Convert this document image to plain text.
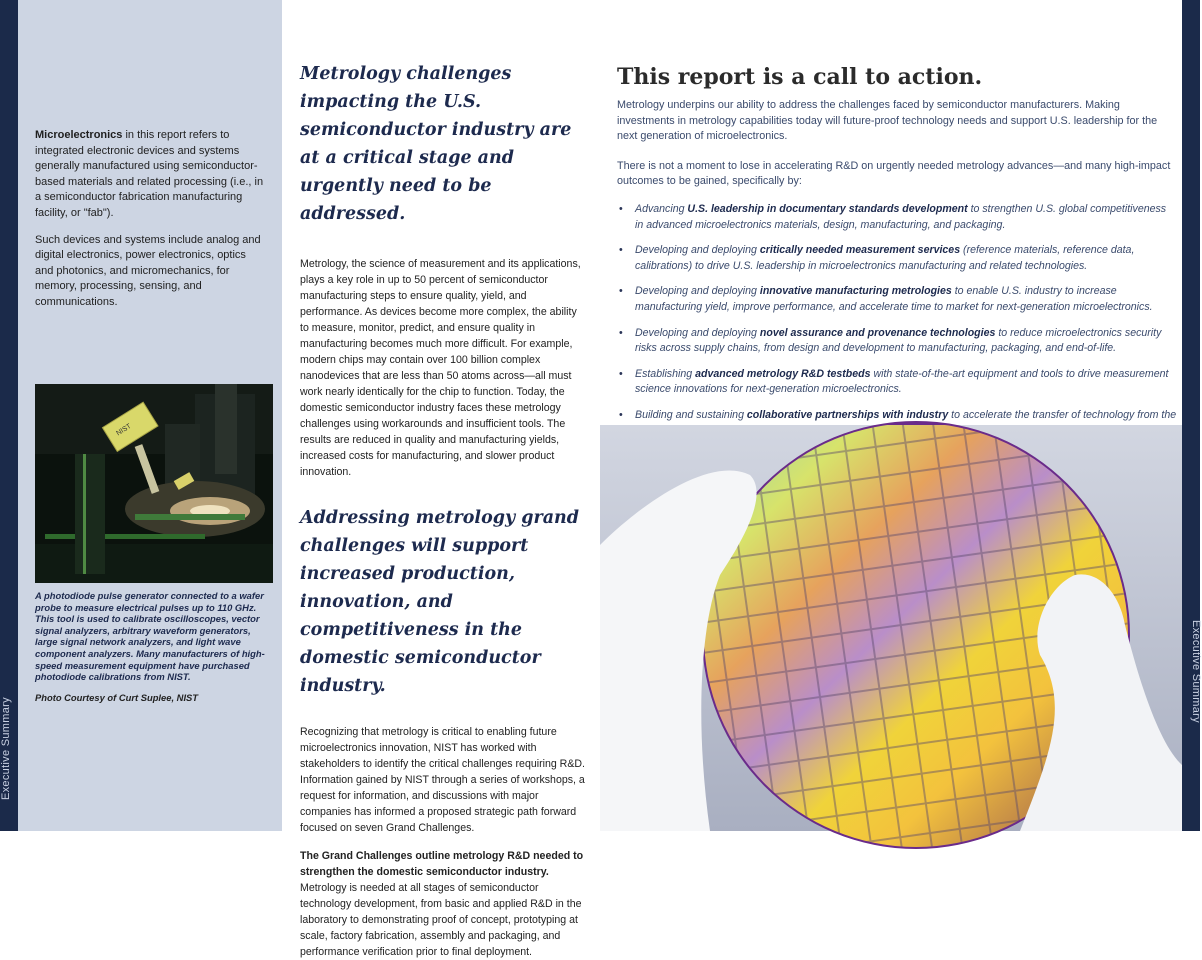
Executive Summary

Microelectronics in this report refers to integrated electronic devices and systems generally manufactured using semiconductor-based materials and related processing (i.e., in a semiconductor fabrication manufacturing facility, or "fab").

Such devices and systems include analog and digital electronics, power electronics, optics and photonics, and micromechanics, for memory, processing, sensing, and communications.

NIST
A photodiode pulse generator connected to a wafer probe to measure electrical pulses up to 110 GHz. This tool is used to calibrate oscilloscopes, vector signal analyzers, arbitrary waveform generators, large signal network analyzers, and light wave component analyzers. Many manufacturers of high-speed measurement equipment have purchased photodiode calibrations from NIST.
Photo Courtesy of Curt Suplee, NIST
Metrology challenges impacting the U.S. semiconductor industry are at a critical stage and urgently need to be addressed.

Metrology, the science of measurement and its applications, plays a key role in up to 50 percent of semiconductor manufacturing steps to ensure quality, yield, and performance. As devices become more complex, the ability to measure, monitor, predict, and ensure quality in manufacturing becomes much more difficult. For example, modern chips may contain over 100 billion complex nanodevices that are less than 50 atoms across—all must work nearly identically for the chip to function. Today, the domestic semiconductor industry faces these metrology challenges using workarounds and insufficient tools. The results are reduced in quality and manufacturing yields, increased costs for manufacturing, and slower product innovation.

Addressing metrology grand challenges will support increased production, innovation, and competitiveness in the domestic semiconductor industry.

Recognizing that metrology is critical to enabling future microelectronics innovation, NIST has worked with stakeholders to identify the critical challenges requiring R&D. Information gained by NIST through a series of workshops, a request for information, and discussions with major companies has informed a proposed strategic path forward focused on seven Grand Challenges.

The Grand Challenges outline metrology R&D needed to strengthen the domestic semiconductor industry. Metrology is needed at all stages of semiconductor technology development, from basic and applied R&D in the laboratory to demonstrating proof of concept, prototyping at scale, factory fabrication, assembly and packaging, and performance verification prior to final deployment.

This report is a call to action.

Metrology underpins our ability to address the challenges faced by semiconductor manufacturers. Making investments in metrology capabilities today will future-proof technology needs and support U.S. leadership for the next generation of microelectronics.

There is not a moment to lose in accelerating R&D on urgently needed metrology advances—and many high-impact outcomes to be gained, specifically by:

• Advancing U.S. leadership in documentary standards development to strengthen U.S. global competitiveness in advanced microelectronics materials, design, manufacturing, and packaging.
• Developing and deploying critically needed measurement services (reference materials, reference data, calibrations) to drive U.S. leadership in microelectronics manufacturing and related technologies.
• Developing and deploying innovative manufacturing metrologies to enable U.S. industry to increase manufacturing yield, improve performance, and accelerate time to market for next-generation microelectronics.
• Developing and deploying novel assurance and provenance technologies to reduce microelectronics security risks across supply chains, from design and development to manufacturing, packaging, and end-of-life.
• Establishing advanced metrology R&D testbeds with state-of-the-art equipment and tools to drive measurement science innovations for next-generation microelectronics.
• Building and sustaining collaborative partnerships with industry to accelerate the transfer of technology from the
Executive Summary
